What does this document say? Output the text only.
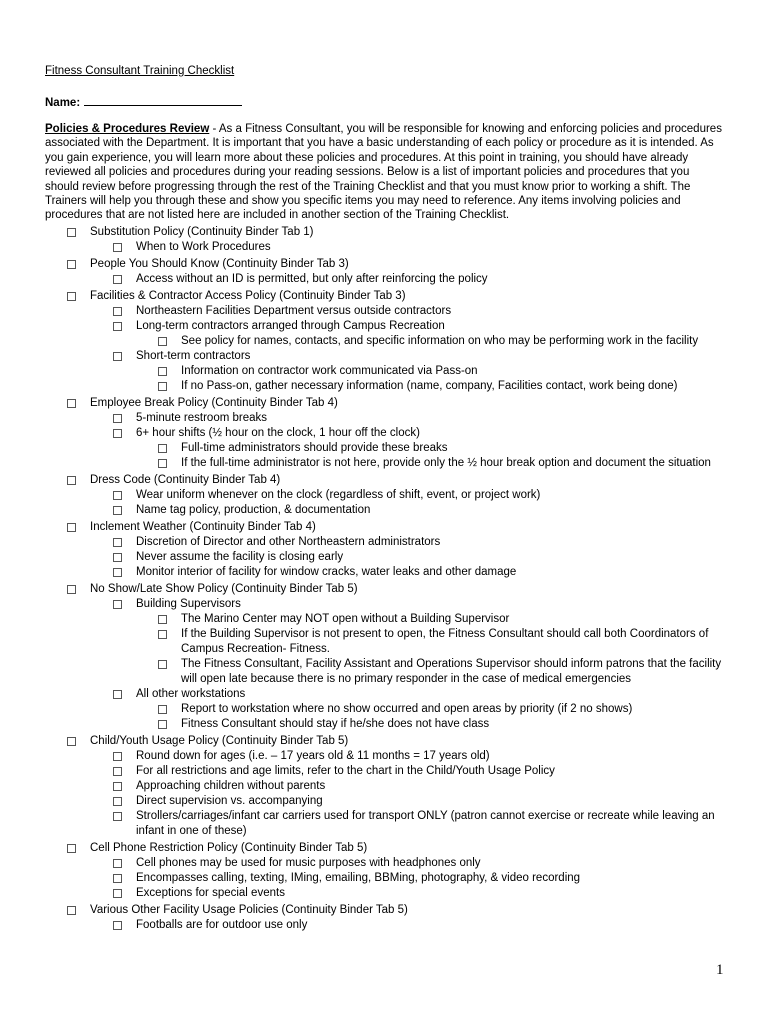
Fitness Consultant Training Checklist
Name:
Policies & Procedures Review - As a Fitness Consultant, you will be responsible for knowing and enforcing policies and procedures associated with the Department. It is important that you have a basic understanding of each policy or procedure as it is intended. As you gain experience, you will learn more about these policies and procedures. At this point in training, you should have already reviewed all policies and procedures during your reading sessions. Below is a list of important policies and procedures that you should review before progressing through the rest of the Training Checklist and that you must know prior to working a shift. The Trainers will help you through these and show you specific items you may need to reference. Any items involving policies and procedures that are not listed here are included in another section of the Training Checklist.
Substitution Policy (Continuity Binder Tab 1)
When to Work Procedures
People You Should Know (Continuity Binder Tab 3)
Access without an ID is permitted, but only after reinforcing the policy
Facilities & Contractor Access Policy (Continuity Binder Tab 3)
Northeastern Facilities Department versus outside contractors
Long-term contractors arranged through Campus Recreation
See policy for names, contacts, and specific information on who may be performing work in the facility
Short-term contractors
Information on contractor work communicated via Pass-on
If no Pass-on, gather necessary information (name, company, Facilities contact, work being done)
Employee Break Policy (Continuity Binder Tab 4)
5-minute restroom breaks
6+ hour shifts (½ hour on the clock, 1 hour off the clock)
Full-time administrators should provide these breaks
If the full-time administrator is not here, provide only the ½ hour break option and document the situation
Dress Code (Continuity Binder Tab 4)
Wear uniform whenever on the clock (regardless of shift, event, or project work)
Name tag policy, production, & documentation
Inclement Weather (Continuity Binder Tab 4)
Discretion of Director and other Northeastern administrators
Never assume the facility is closing early
Monitor interior of facility for window cracks, water leaks and other damage
No Show/Late Show Policy (Continuity Binder Tab 5)
Building Supervisors
The Marino Center may NOT open without a Building Supervisor
If the Building Supervisor is not present to open, the Fitness Consultant should call both Coordinators of Campus Recreation- Fitness.
The Fitness Consultant, Facility Assistant and Operations Supervisor should inform patrons that the facility will open late because there is no primary responder in the case of medical emergencies
All other workstations
Report to workstation where no show occurred and open areas by priority (if 2 no shows)
Fitness Consultant should stay if he/she does not have class
Child/Youth Usage Policy (Continuity Binder Tab 5)
Round down for ages (i.e. – 17 years old & 11 months = 17 years old)
For all restrictions and age limits, refer to the chart in the Child/Youth Usage Policy
Approaching children without parents
Direct supervision vs. accompanying
Strollers/carriages/infant car carriers used for transport ONLY (patron cannot exercise or recreate while leaving an infant in one of these)
Cell Phone Restriction Policy (Continuity Binder Tab 5)
Cell phones may be used for music purposes with headphones only
Encompasses calling, texting, IMing, emailing, BBMing, photography, & video recording
Exceptions for special events
Various Other Facility Usage Policies (Continuity Binder Tab 5)
Footballs are for outdoor use only
1
